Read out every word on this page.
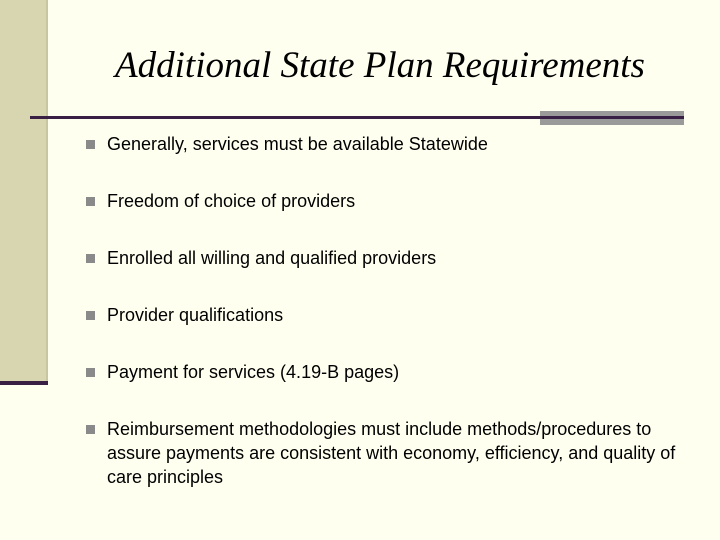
Additional State Plan Requirements
Generally, services must be available Statewide
Freedom of choice of providers
Enrolled all willing and qualified providers
Provider qualifications
Payment for services (4.19-B pages)
Reimbursement methodologies must include methods/procedures to assure payments are consistent with economy, efficiency, and quality of care principles
